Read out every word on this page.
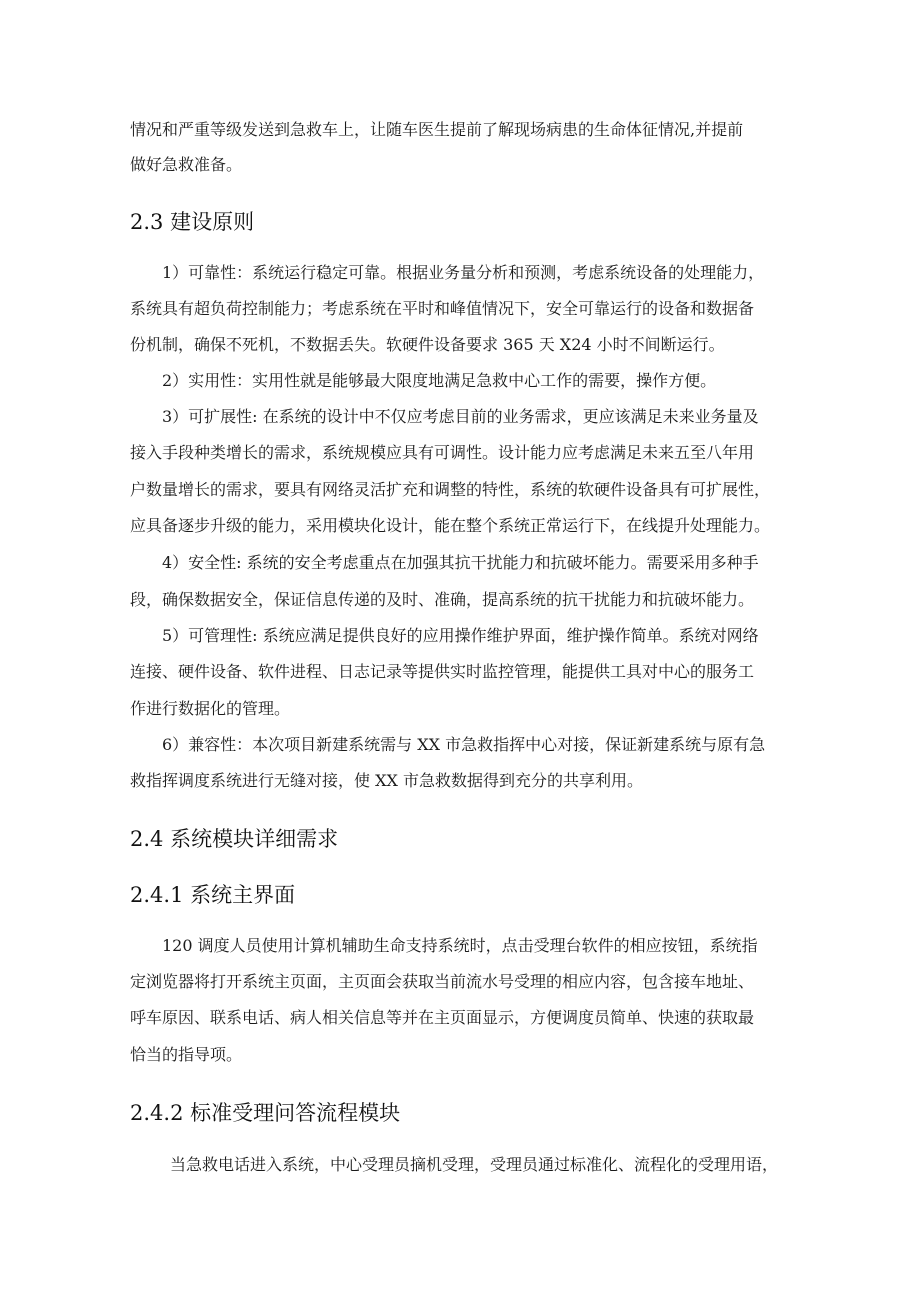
情况和严重等级发送到急救车上，让随车医生提前了解现场病患的生命体征情况,并提前
做好急救准备。
2.3 建设原则
1）可靠性：系统运行稳定可靠。根据业务量分析和预测，考虑系统设备的处理能力，
系统具有超负荷控制能力；考虑系统在平时和峰值情况下，安全可靠运行的设备和数据备
份机制，确保不死机，不数据丢失。软硬件设备要求 365 天 X24 小时不间断运行。
2）实用性：实用性就是能够最大限度地满足急救中心工作的需要，操作方便。
3）可扩展性: 在系统的设计中不仅应考虑目前的业务需求，更应该满足未来业务量及
接入手段种类增长的需求，系统规模应具有可调性。设计能力应考虑满足未来五至八年用
户数量增长的需求，要具有网络灵活扩充和调整的特性，系统的软硬件设备具有可扩展性，
应具备逐步升级的能力，采用模块化设计，能在整个系统正常运行下，在线提升处理能力。
4）安全性: 系统的安全考虑重点在加强其抗干扰能力和抗破坏能力。需要采用多种手
段，确保数据安全，保证信息传递的及时、准确，提高系统的抗干扰能力和抗破坏能力。
5）可管理性: 系统应满足提供良好的应用操作维护界面，维护操作简单。系统对网络
连接、硬件设备、软件进程、日志记录等提供实时监控管理，能提供工具对中心的服务工
作进行数据化的管理。
6）兼容性：本次项目新建系统需与 XX 市急救指挥中心对接，保证新建系统与原有急
救指挥调度系统进行无缝对接，使 XX 市急救数据得到充分的共享利用。
2.4 系统模块详细需求
2.4.1 系统主界面
120 调度人员使用计算机辅助生命支持系统时，点击受理台软件的相应按钮，系统指
定浏览器将打开系统主页面，主页面会获取当前流水号受理的相应内容，包含接车地址、
呼车原因、联系电话、病人相关信息等并在主页面显示，方便调度员简单、快速的获取最
恰当的指导项。
2.4.2 标准受理问答流程模块
当急救电话进入系统，中心受理员摘机受理，受理员通过标准化、流程化的受理用语，
